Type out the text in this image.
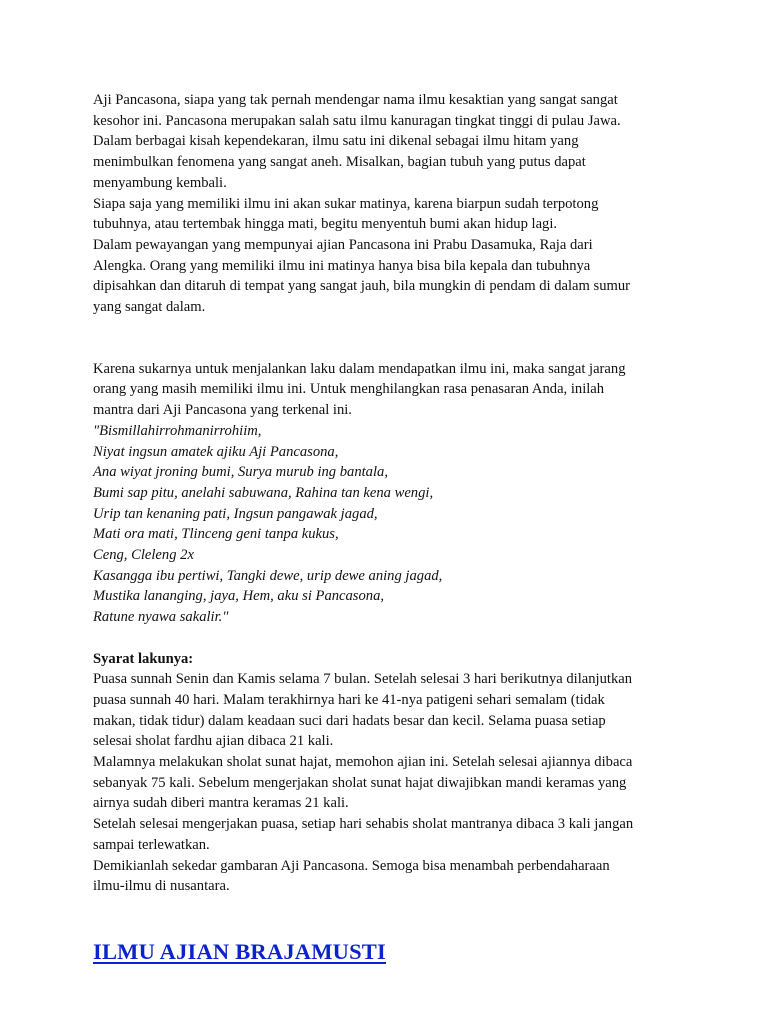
Aji Pancasona, siapa yang tak pernah mendengar nama ilmu kesaktian yang sangat sangat
kesohor ini. Pancasona merupakan salah satu ilmu kanuragan tingkat tinggi di pulau Jawa.
Dalam berbagai kisah kependekaran, ilmu satu ini dikenal sebagai ilmu hitam yang
menimbulkan fenomena yang sangat aneh. Misalkan, bagian tubuh yang putus dapat
menyambung kembali.
Siapa saja yang memiliki ilmu ini akan sukar matinya, karena biarpun sudah terpotong
tubuhnya, atau tertembak hingga mati, begitu menyentuh bumi akan hidup lagi.
Dalam pewayangan yang mempunyai ajian Pancasona ini Prabu Dasamuka, Raja dari
Alengka. Orang yang memiliki ilmu ini matinya hanya bisa bila kepala dan tubuhnya
dipisahkan dan ditaruh di tempat yang sangat jauh, bila mungkin di pendam di dalam sumur
yang sangat dalam.
Karena sukarnya untuk menjalankan laku dalam mendapatkan ilmu ini, maka sangat jarang
orang yang masih memiliki ilmu ini. Untuk menghilangkan rasa penasaran Anda, inilah
mantra dari Aji Pancasona yang terkenal ini.
"Bismillahirrohmanirrohiim,
Niyat ingsun amatek ajiku Aji Pancasona,
Ana wiyat jroning bumi, Surya murub ing bantala,
Bumi sap pitu, anelahi sabuwana, Rahina tan kena wengi,
Urip tan kenaning pati, Ingsun pangawak jagad,
Mati ora mati, Tlinceng geni tanpa kukus,
Ceng, Cleleng 2x
Kasangga ibu pertiwi, Tangki dewe, urip dewe aning jagad,
Mustika lananging, jaya, Hem, aku si Pancasona,
Ratune nyawa sakalir."
Syarat lakunya:
Puasa sunnah Senin dan Kamis selama 7 bulan. Setelah selesai 3 hari berikutnya dilanjutkan
puasa sunnah 40 hari. Malam terakhirnya hari ke 41-nya patigeni sehari semalam (tidak
makan, tidak tidur) dalam keadaan suci dari hadats besar dan kecil. Selama puasa setiap
selesai sholat fardhu ajian dibaca 21 kali.
Malamnya melakukan sholat sunat hajat, memohon ajian ini. Setelah selesai ajiannya dibaca
sebanyak 75 kali. Sebelum mengerjakan sholat sunat hajat diwajibkan mandi keramas yang
airnya sudah diberi mantra keramas 21 kali.
Setelah selesai mengerjakan puasa, setiap hari sehabis sholat mantranya dibaca 3 kali jangan
sampai terlewatkan.
Demikianlah sekedar gambaran Aji Pancasona. Semoga bisa menambah perbendaharaan
ilmu-ilmu di nusantara.
ILMU AJIAN BRAJAMUSTI
